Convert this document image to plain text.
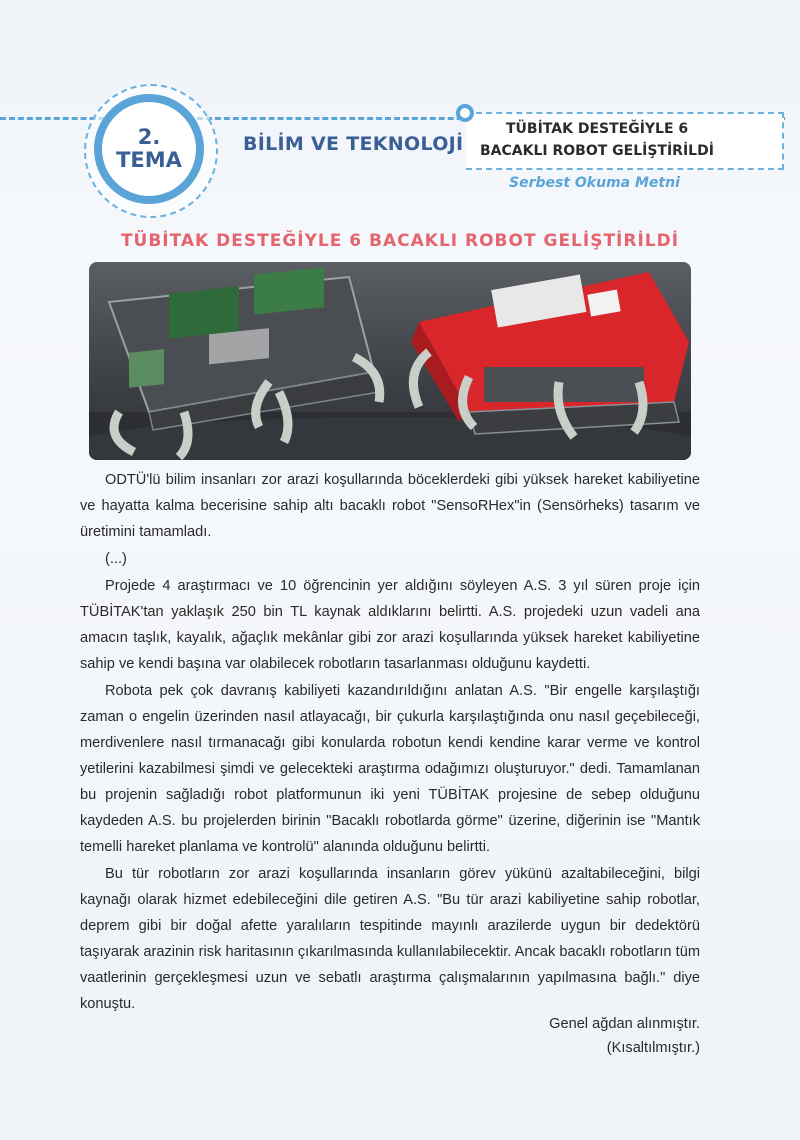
2.
TEMA
BİLİM VE TEKNOLOJİ
TÜBİTAK DESTEĞİYLE 6
BACAKLI ROBOT GELİŞTİRİLDİ
Serbest Okuma Metni
TÜBİTAK DESTEĞİYLE 6 BACAKLI ROBOT GELİŞTİRİLDİ

ODTÜ'lü bilim insanları zor arazi koşullarında böceklerdeki gibi yüksek hareket kabiliyetine ve hayatta kalma becerisine sahip altı bacaklı robot "SensoRHex"in (Sensörheks) tasarım ve üretimini tamamladı.

(...)

Projede 4 araştırmacı ve 10 öğrencinin yer aldığını söyleyen A.S. 3 yıl süren proje için TÜBİTAK'tan yaklaşık 250 bin TL kaynak aldıklarını belirtti. A.S. projedeki uzun vadeli ana amacın taşlık, kayalık, ağaçlık mekânlar gibi zor arazi koşullarında yüksek hareket kabiliyetine sahip ve kendi başına var olabilecek robotların tasarlanması olduğunu kaydetti.

Robota pek çok davranış kabiliyeti kazandırıldığını anlatan A.S. "Bir engelle karşılaştığı zaman o engelin üzerinden nasıl atlayacağı, bir çukurla karşılaştığında onu nasıl geçebileceği, merdivenlere nasıl tırmanacağı gibi konularda robotun kendi kendine karar verme ve kontrol yetilerini kazabilmesi şimdi ve gelecekteki araştırma odağımızı oluşturuyor." dedi. Tamamlanan bu projenin sağladığı robot platformunun iki yeni TÜBİTAK projesine de sebep olduğunu kaydeden A.S. bu projelerden birinin "Bacaklı robotlarda görme" üzerine, diğerinin ise "Mantık temelli hareket planlama ve kontrolü" alanında olduğunu belirtti.

Bu tür robotların zor arazi koşullarında insanların görev yükünü azaltabileceğini, bilgi kaynağı olarak hizmet edebileceğini dile getiren A.S. "Bu tür arazi kabiliyetine sahip robotlar, deprem gibi bir doğal afette yaralıların tespitinde mayınlı arazilerde uygun bir dedektörü taşıyarak arazinin risk haritasının çıkarılmasında kullanılabilecektir. Ancak bacaklı robotların tüm vaatlerinin gerçekleşmesi uzun ve sebatlı araştırma çalışmalarının yapılmasına bağlı." diye konuştu.

Genel ağdan alınmıştır.
(Kısaltılmıştır.)
